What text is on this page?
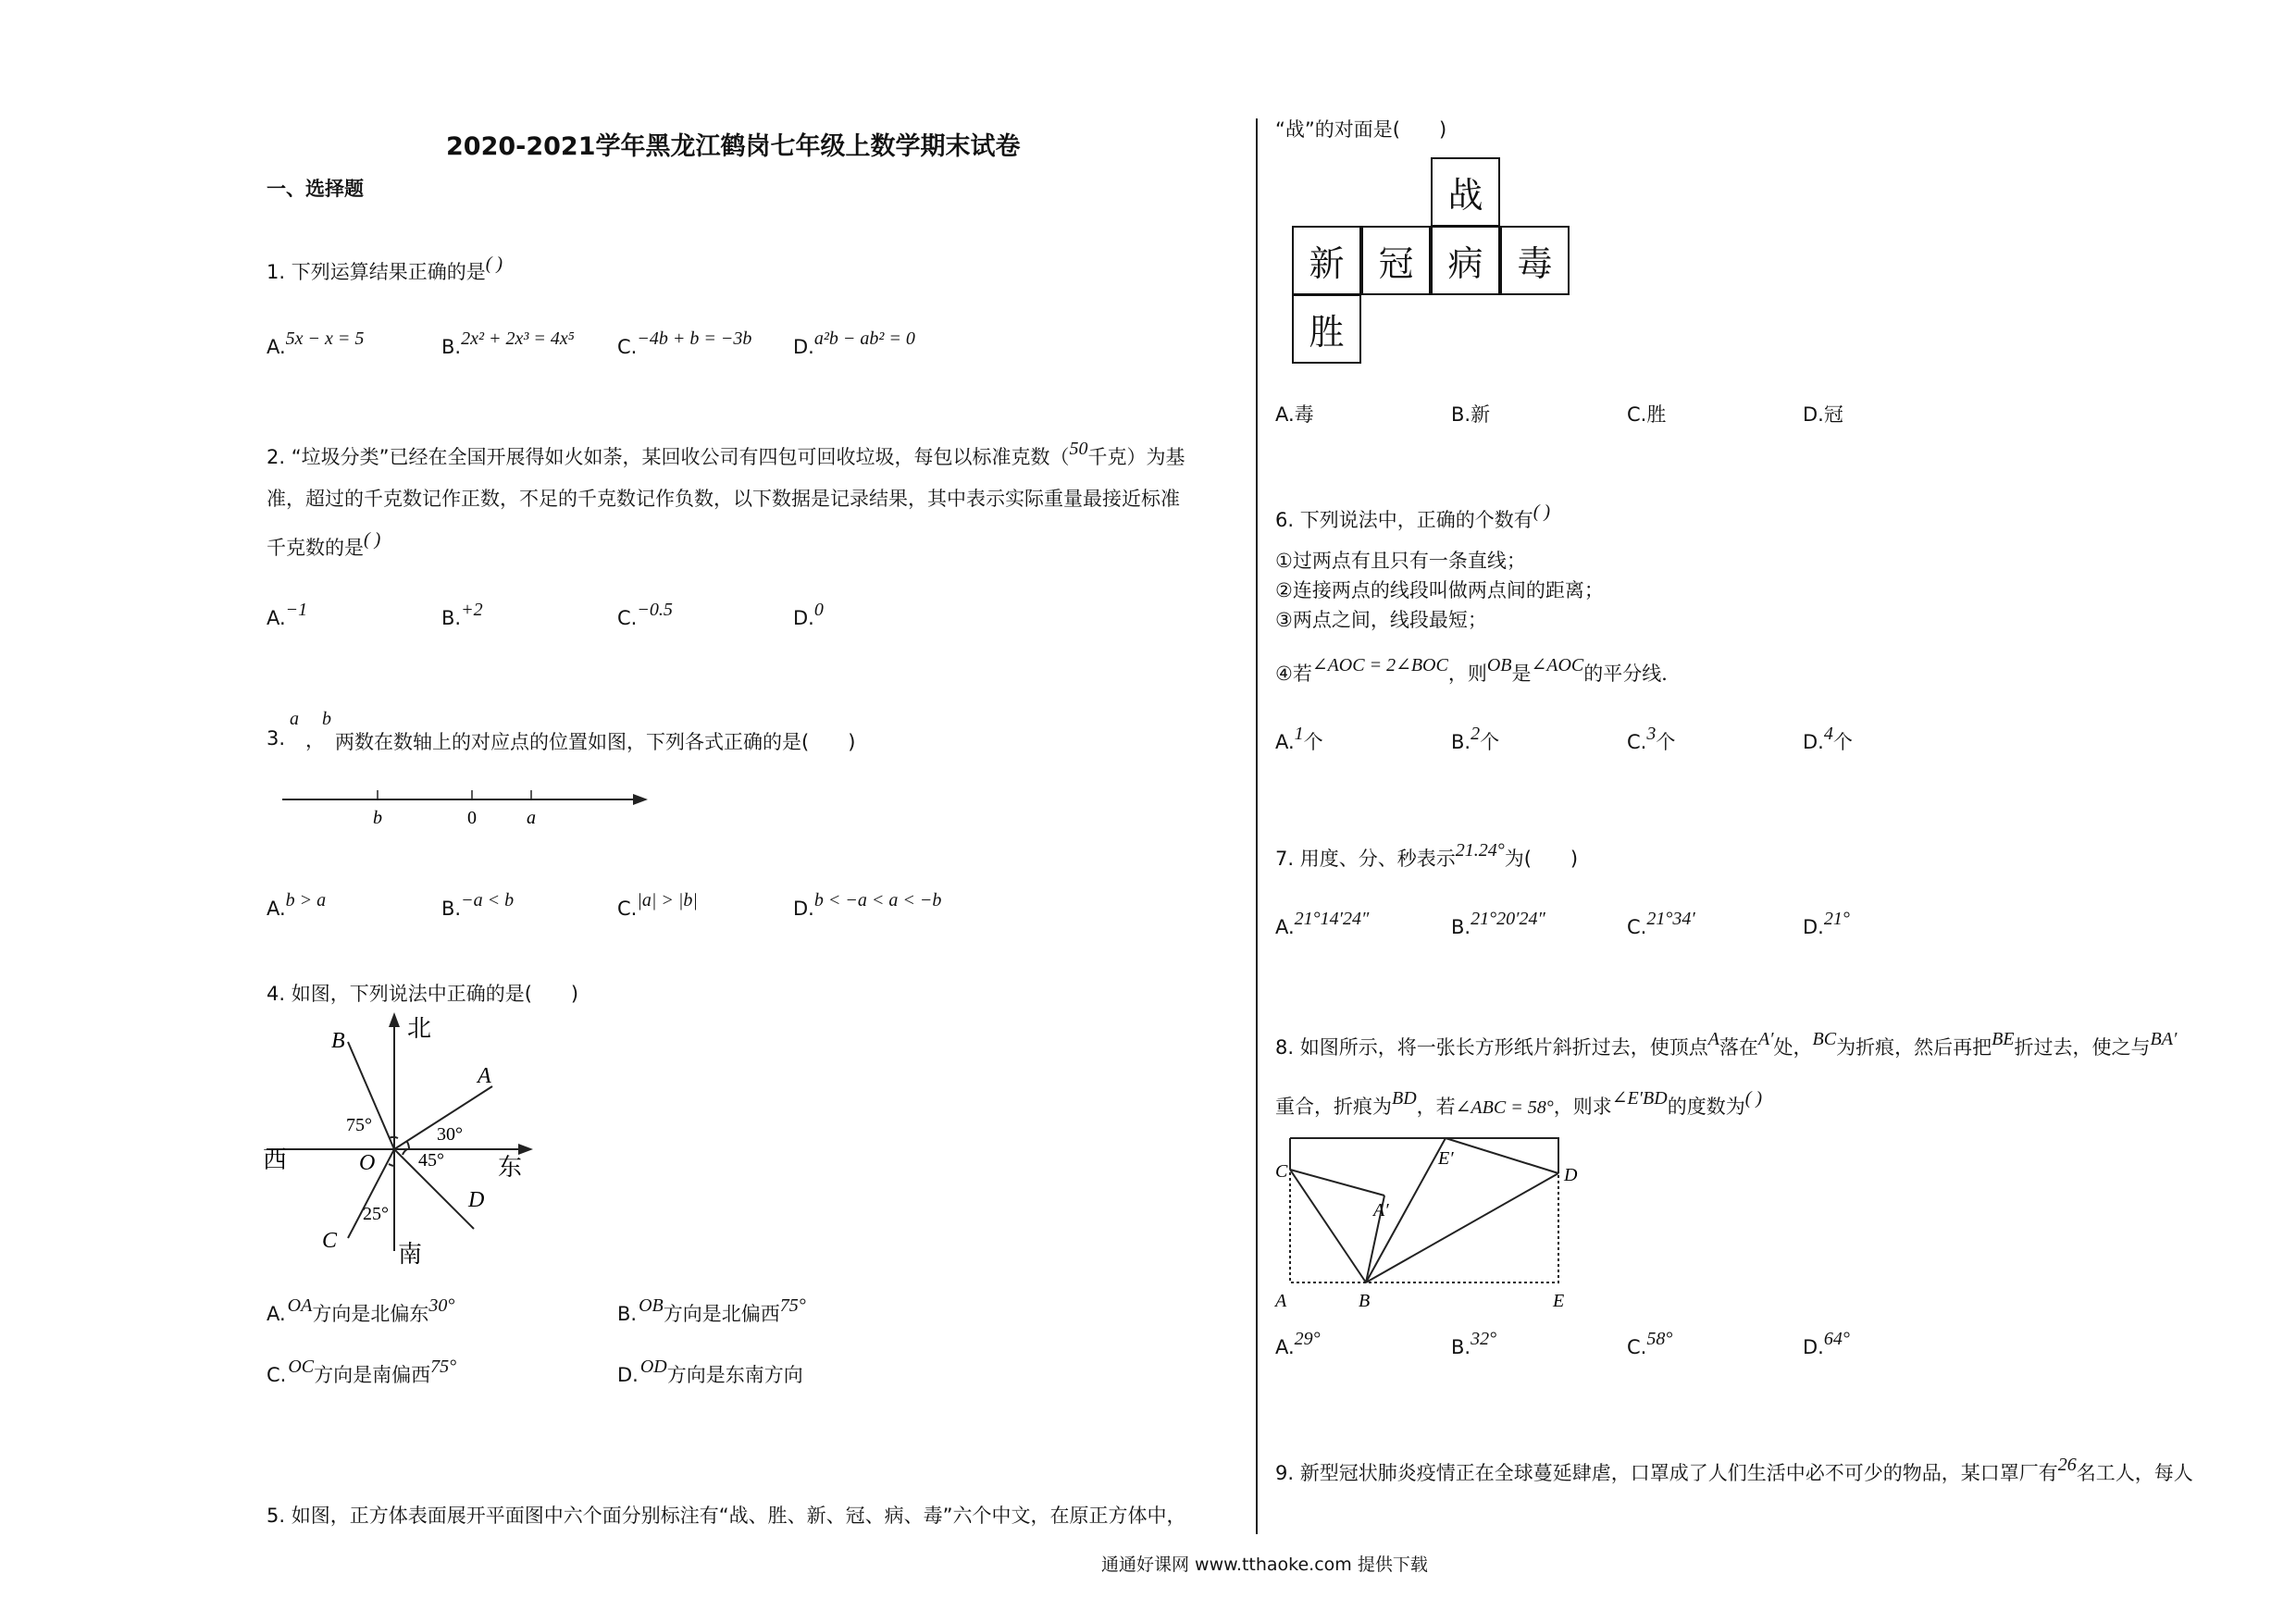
2020-2021学年黑龙江鹤岗七年级上数学期末试卷
一、选择题
1. 下列运算结果正确的是( )
A.5x − x = 5	B.2x² + 2x³ = 4x⁵ C.−4b + b = −3b D.a²b − ab² = 0
2. “垃圾分类”已经在全国开展得如火如荼，某回收公司有四包可回收垃圾，每包以标准克数（50千克）为基
准，超过的千克数记作正数，不足的千克数记作负数，以下数据是记录结果，其中表示实际重量最接近标准
千克数的是( )
A.−1	B.+2	C.−0.5	D.0
a b
3. ， 两数在数轴上的对应点的位置如图，下列各式正确的是(　　)
b	0	a
A.b > a	B.−a < b	C.|a| > |b|	D.b < −a < a < −b
4. 如图，下列说法中正确的是(　　)
北
南
西	东
B
A
C
D
O
75°	30°
45°
25°
A. OA方向是北偏东30°	B. OB方向是北偏西75°
C. OC方向是南偏西75°	D. OD方向是东南方向
5. 如图，正方体表面展开平面图中六个面分别标注有“战、胜、新、冠、病、毒”六个中文，在原正方体中，
“战”的对面是(　　)
战
新 冠 病 毒
胜
A.毒	B.新	C.胜	D.冠
6. 下列说法中，正确的个数有( )
①过两点有且只有一条直线；
②连接两点的线段叫做两点间的距离；
③两点之间，线段最短；
④若∠AOC = 2∠BOC，则OB是∠AOC的平分线．
A.1个	B.2个	C.3个	D.4个
7. 用度、分、秒表示21.24°为(　　)
A.21°14′24″	B.21°20′24″	C.21°34′	D.21°
8. 如图所示，将一张长方形纸片斜折过去，使顶点A落在A′处，BC为折痕，然后再把BE折过去，使之与BA′
重合，折痕为BD，若∠ABC = 58°，则求∠E′BD的度数为( )
C	D
A	B	E
A′
E′
A.29°	B.32°	C.58°	D.64°
9. 新型冠状肺炎疫情正在全球蔓延肆虐，口罩成了人们生活中必不可少的物品，某口罩厂有26名工人，每人
通通好课网 www.tthaoke.com 提供下载
